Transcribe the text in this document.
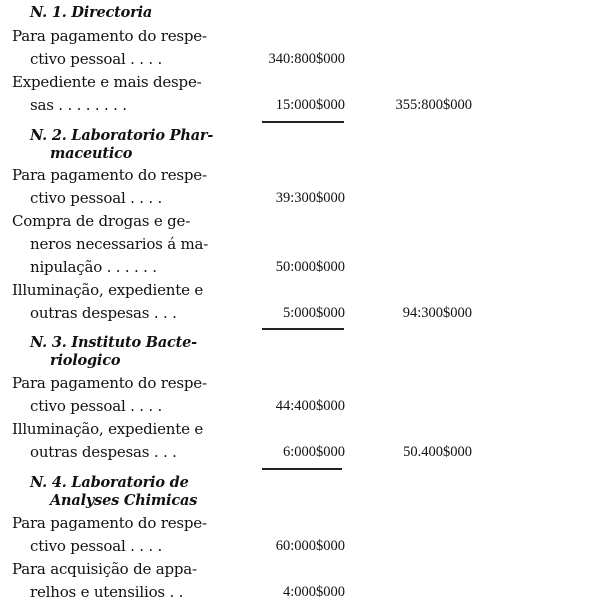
N. 1. Directoria
Para pagamento do respe-
ctivo pessoal . . . .	340:800$000
Expediente e mais despe-
sas . . . . . . . .	15:000$000	355:800$000
N. 2. Laboratorio Phar-
maceutico
Para pagamento do respe-
ctivo pessoal . . . .	39:300$000
Compra de drogas e ge-
neros necessarios á ma-
nipulação . . . . . .	50:000$000
Illuminação, expediente e
outras despesas . . .	5:000$000	94:300$000
N. 3. Instituto Bacte-
riologico
Para pagamento do respe-
ctivo pessoal . . . .	44:400$000
Illuminação, expediente e
outras despesas . . .	6:000$000	50.400$000
N. 4. Laboratorio de
Analyses Chimicas
Para pagamento do respe-
ctivo pessoal . . . .	60:000$000
Para acquisição de appa-
relhos e utensilios . .	4:000$000
